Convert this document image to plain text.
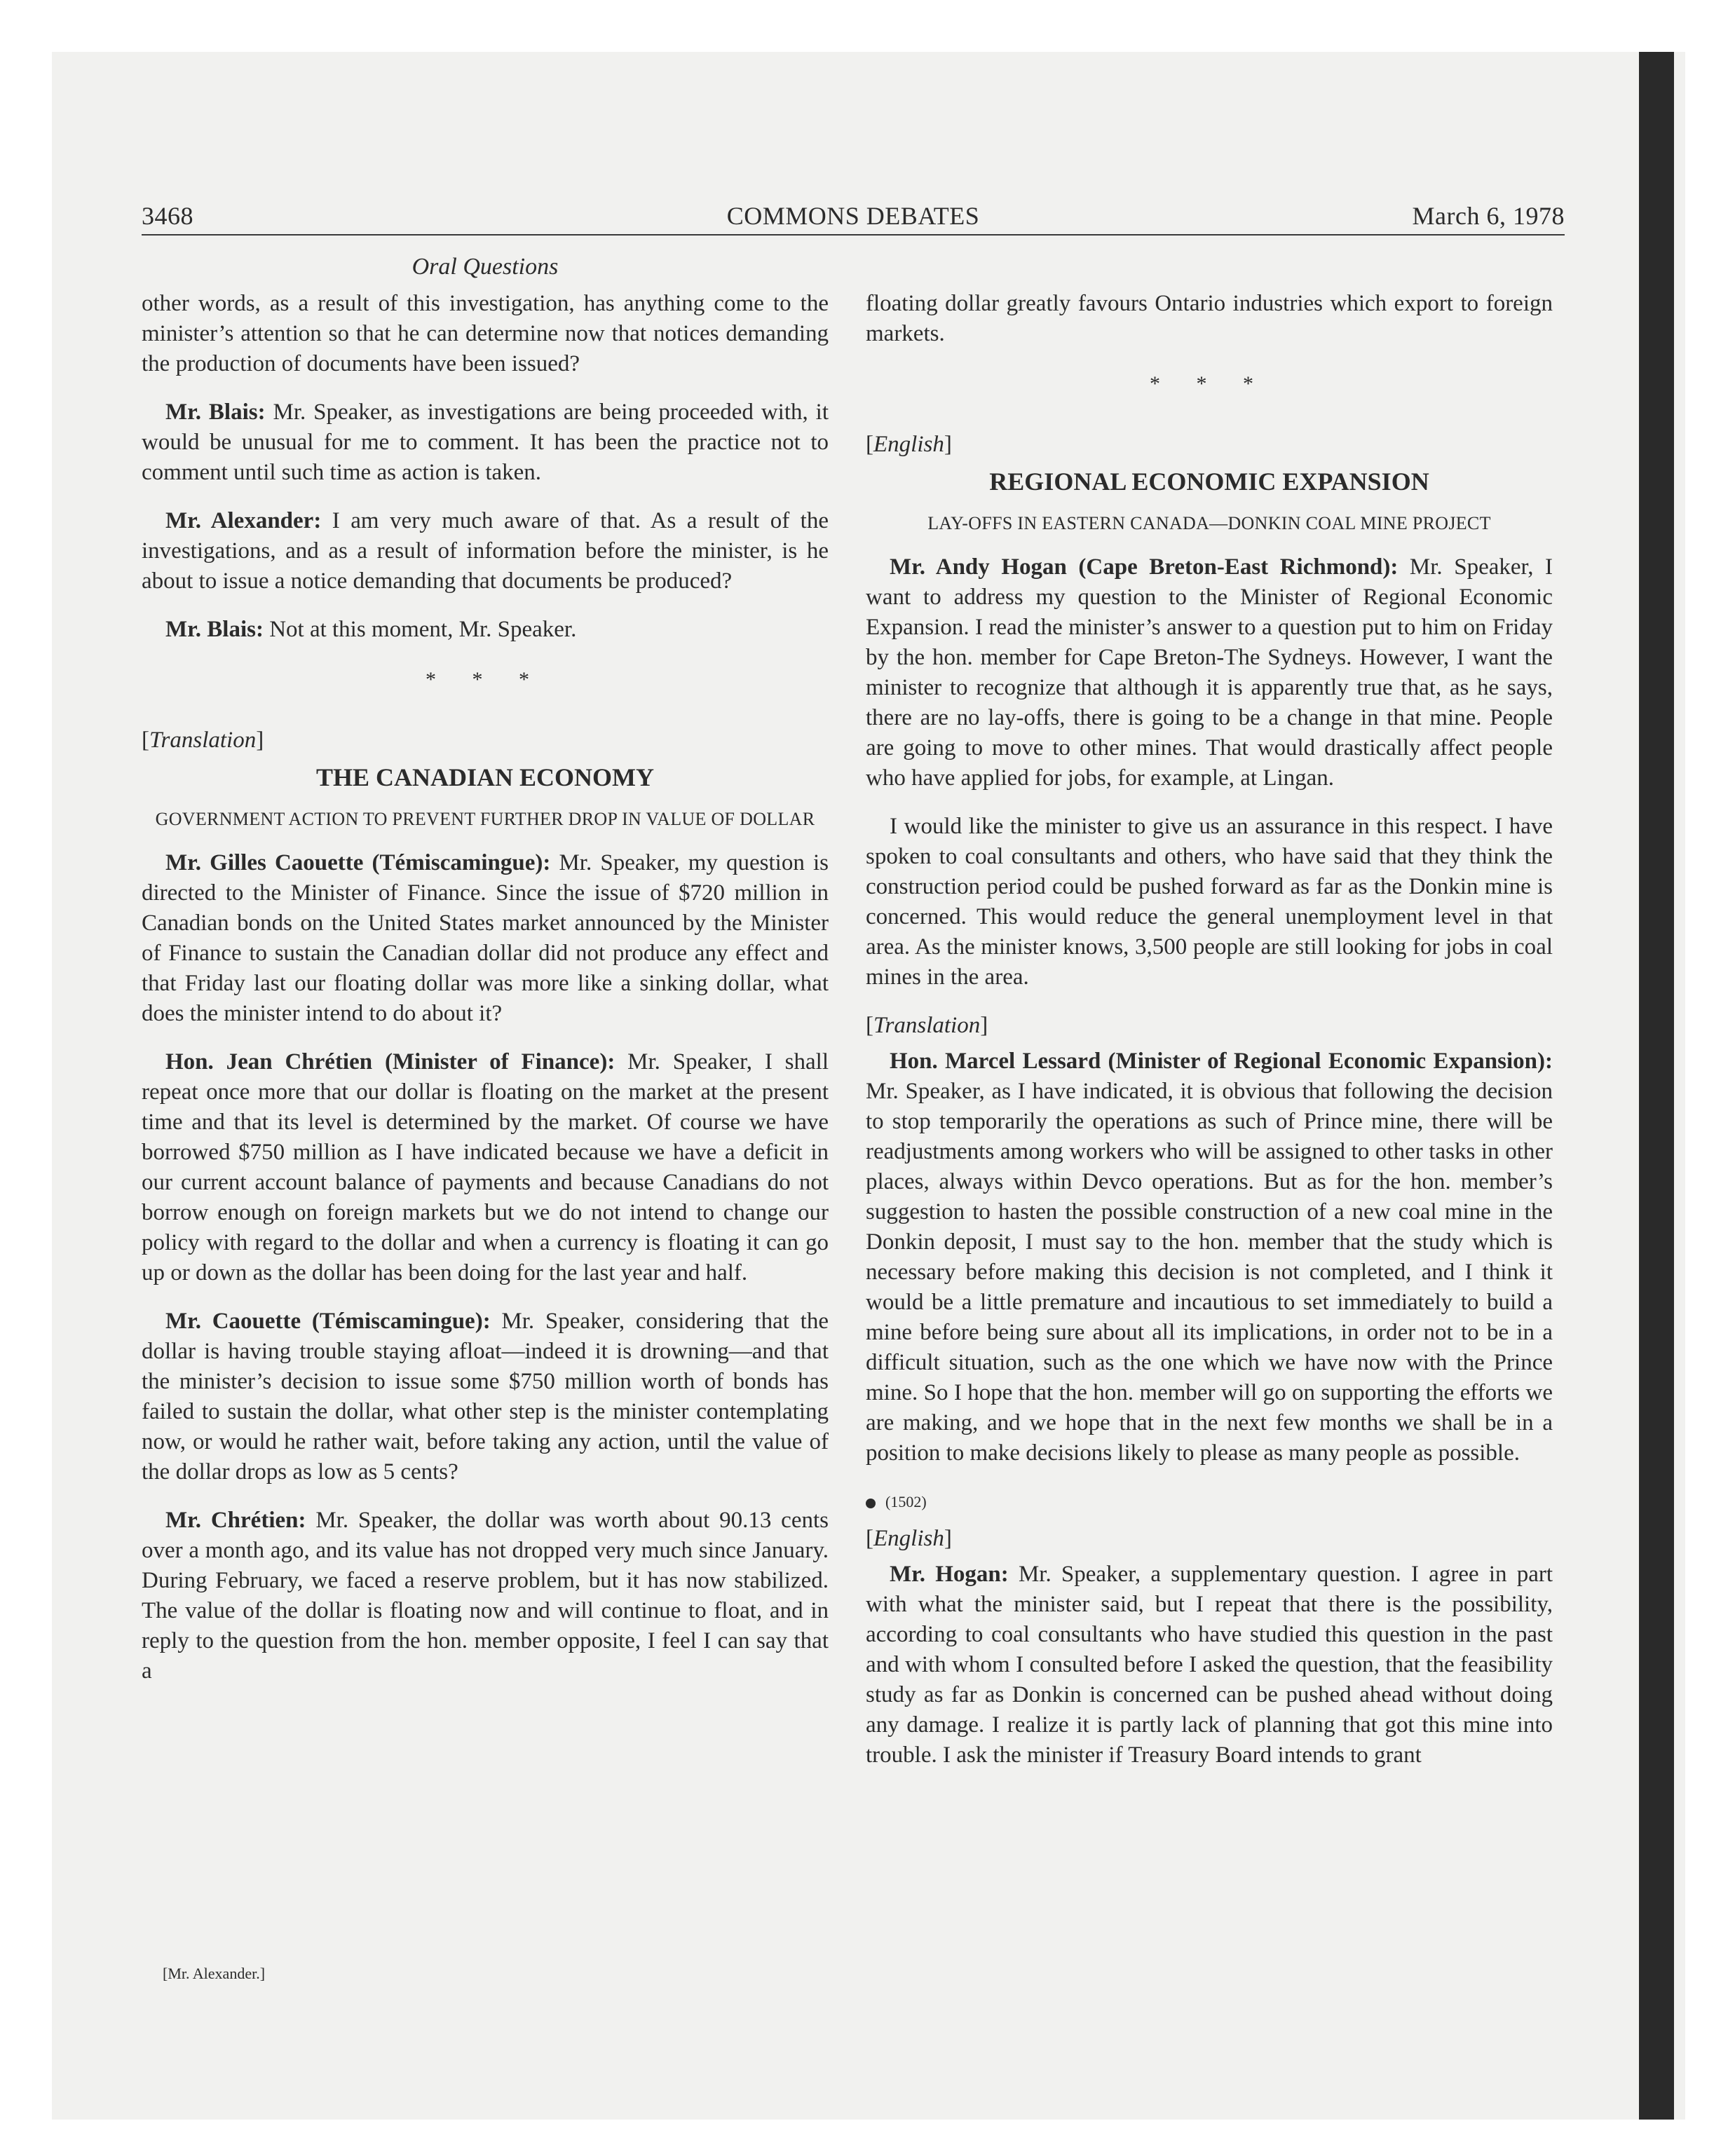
3468	COMMONS DEBATES	March 6, 1978
Oral Questions

other words, as a result of this investigation, has anything come to the minister’s attention so that he can determine now that notices demanding the production of documents have been issued?

Mr. Blais: Mr. Speaker, as investigations are being proceeded with, it would be unusual for me to comment. It has been the practice not to comment until such time as action is taken.

Mr. Alexander: I am very much aware of that. As a result of the investigations, and as a result of information before the minister, is he about to issue a notice demanding that documents be produced?

Mr. Blais: Not at this moment, Mr. Speaker.

* * *
[Translation]
THE CANADIAN ECONOMY
GOVERNMENT ACTION TO PREVENT FURTHER DROP IN VALUE OF DOLLAR

Mr. Gilles Caouette (Témiscamingue): Mr. Speaker, my question is directed to the Minister of Finance. Since the issue of $720 million in Canadian bonds on the United States market announced by the Minister of Finance to sustain the Canadian dollar did not produce any effect and that Friday last our floating dollar was more like a sinking dollar, what does the minister intend to do about it?

Hon. Jean Chrétien (Minister of Finance): Mr. Speaker, I shall repeat once more that our dollar is floating on the market at the present time and that its level is determined by the market. Of course we have borrowed $750 million as I have indicated because we have a deficit in our current account balance of payments and because Canadians do not borrow enough on foreign markets but we do not intend to change our policy with regard to the dollar and when a currency is floating it can go up or down as the dollar has been doing for the last year and half.

Mr. Caouette (Témiscamingue): Mr. Speaker, considering that the dollar is having trouble staying afloat—indeed it is drowning—and that the minister’s decision to issue some $750 million worth of bonds has failed to sustain the dollar, what other step is the minister contemplating now, or would he rather wait, before taking any action, until the value of the dollar drops as low as 5 cents?

Mr. Chrétien: Mr. Speaker, the dollar was worth about 90.13 cents over a month ago, and its value has not dropped very much since January. During February, we faced a reserve problem, but it has now stabilized. The value of the dollar is floating now and will continue to float, and in reply to the question from the hon. member opposite, I feel I can say that a

[Mr. Alexander.]

floating dollar greatly favours Ontario industries which export to foreign markets.

* * *
[English]
REGIONAL ECONOMIC EXPANSION
LAY-OFFS IN EASTERN CANADA—DONKIN COAL MINE PROJECT

Mr. Andy Hogan (Cape Breton-East Richmond): Mr. Speaker, I want to address my question to the Minister of Regional Economic Expansion. I read the minister’s answer to a question put to him on Friday by the hon. member for Cape Breton-The Sydneys. However, I want the minister to recognize that although it is apparently true that, as he says, there are no lay-offs, there is going to be a change in that mine. People are going to move to other mines. That would drastically affect people who have applied for jobs, for example, at Lingan.

I would like the minister to give us an assurance in this respect. I have spoken to coal consultants and others, who have said that they think the construction period could be pushed forward as far as the Donkin mine is concerned. This would reduce the general unemployment level in that area. As the minister knows, 3,500 people are still looking for jobs in coal mines in the area.

[Translation]

Hon. Marcel Lessard (Minister of Regional Economic Expansion): Mr. Speaker, as I have indicated, it is obvious that following the decision to stop temporarily the operations as such of Prince mine, there will be readjustments among workers who will be assigned to other tasks in other places, always within Devco operations. But as for the hon. member’s suggestion to hasten the possible construction of a new coal mine in the Donkin deposit, I must say to the hon. member that the study which is necessary before making this decision is not completed, and I think it would be a little premature and incautious to set immediately to build a mine before being sure about all its implications, in order not to be in a difficult situation, such as the one which we have now with the Prince mine. So I hope that the hon. member will go on supporting the efforts we are making, and we hope that in the next few months we shall be in a position to make decisions likely to please as many people as possible.

(1502)
[English]

Mr. Hogan: Mr. Speaker, a supplementary question. I agree in part with what the minister said, but I repeat that there is the possibility, according to coal consultants who have studied this question in the past and with whom I consulted before I asked the question, that the feasibility study as far as Donkin is concerned can be pushed ahead without doing any damage. I realize it is partly lack of planning that got this mine into trouble. I ask the minister if Treasury Board intends to grant
